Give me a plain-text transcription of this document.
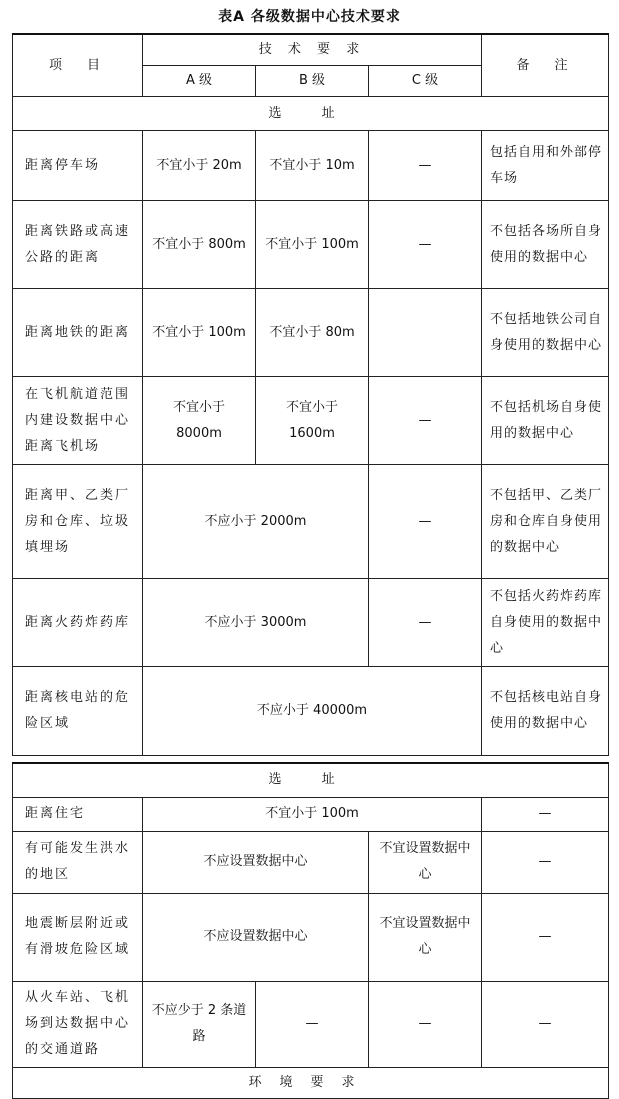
表A 各级数据中心技术要求
项　目	技 术 要 求			备　注
	A 级	B 级	C 级	
选 址				
距离停车场	不宜小于 20m	不宜小于 10m	—	包括自用和外部停车场
距离铁路或高速公路的距离	不宜小于 800m	不宜小于 100m	—	不包括各场所自身使用的数据中心
距离地铁的距离	不宜小于 100m	不宜小于 80m		不包括地铁公司自身使用的数据中心
在飞机航道范围内建设数据中心距离飞机场	不宜小于 8000m	不宜小于 1600m	—	不包括机场自身使用的数据中心
距离甲、乙类厂房和仓库、垃圾填埋场	不应小于 2000m		—	不包括甲、乙类厂房和仓库自身使用的数据中心
距离火药炸药库	不应小于 3000m		—	不包括火药炸药库自身使用的数据中心
距离核电站的危险区域	不应小于 40000m			不包括核电站自身使用的数据中心
选 址				
距离住宅	不宜小于 100m			—
有可能发生洪水的地区	不应设置数据中心		不宜设置数据中心	—
地震断层附近或有滑坡危险区域	不应设置数据中心		不宜设置数据中心	—
从火车站、飞机场到达数据中心的交通道路	不应少于 2 条道路	—	—	—
环境要求				
